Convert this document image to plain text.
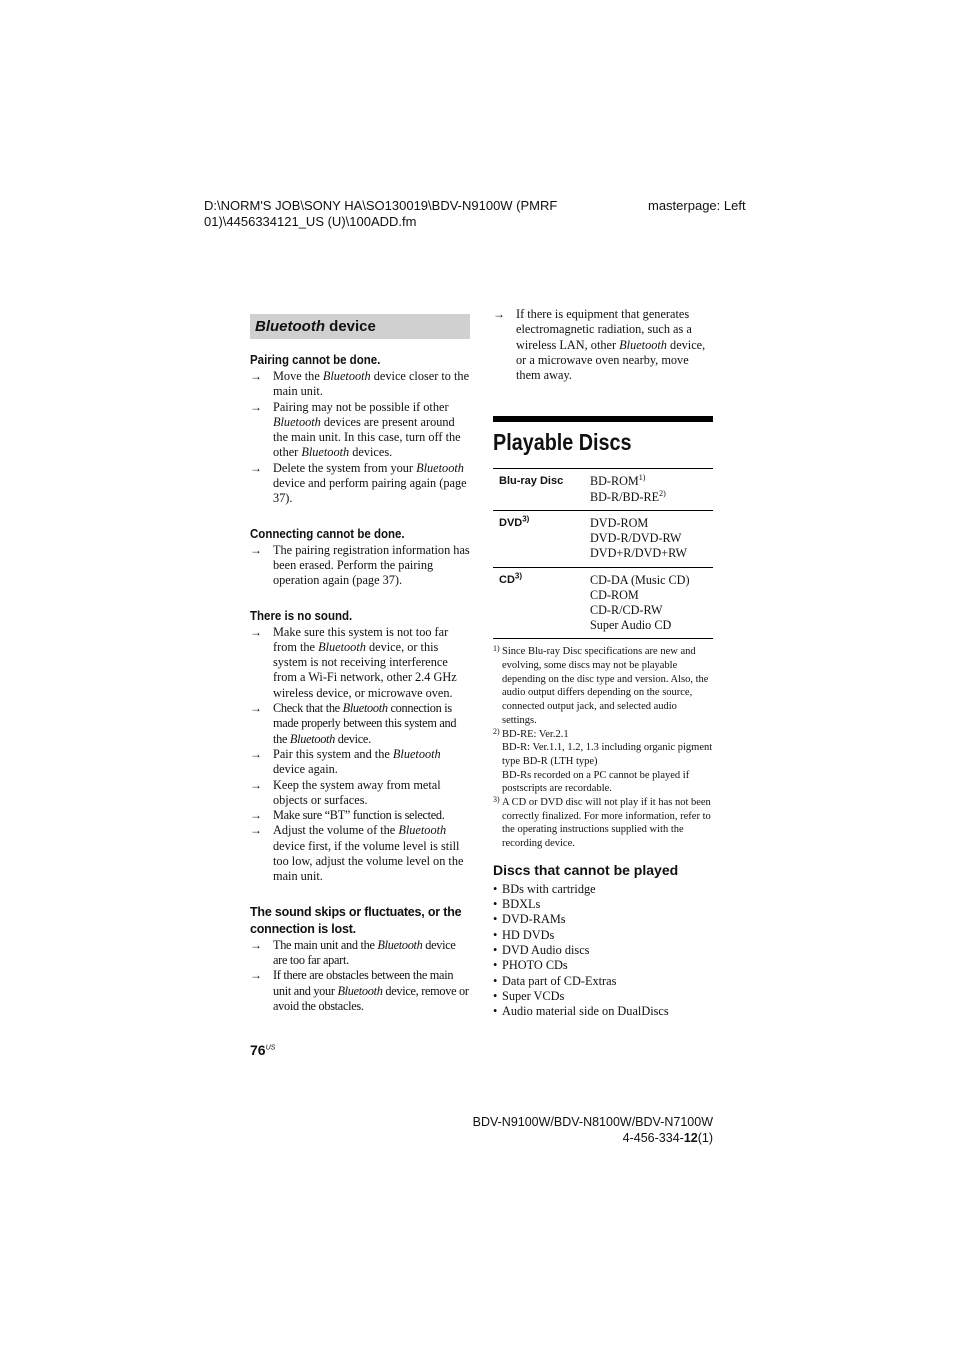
D:\NORM'S JOB\SONY HA\SO130019\BDV-N9100W (PMRF 01)\4456334121_US (U)\100ADD.fm
masterpage: Left
Bluetooth device

Pairing cannot be done.

→ Move the Bluetooth device closer to the main unit.
→ Pairing may not be possible if other Bluetooth devices are present around the main unit. In this case, turn off the other Bluetooth devices.
→ Delete the system from your Bluetooth device and perform pairing again (page 37).

Connecting cannot be done.

→ The pairing registration information has been erased. Perform the pairing operation again (page 37).

There is no sound.

→ Make sure this system is not too far from the Bluetooth device, or this system is not receiving interference from a Wi-Fi network, other 2.4 GHz wireless device, or microwave oven.
→ Check that the Bluetooth connection is made properly between this system and the Bluetooth device.
→ Pair this system and the Bluetooth device again.
→ Keep the system away from metal objects or surfaces.
→ Make sure “BT” function is selected.
→ Adjust the volume of the Bluetooth device first, if the volume level is still too low, adjust the volume level on the main unit.

The sound skips or fluctuates, or the connection is lost.

→ The main unit and the Bluetooth device are too far apart.
→ If there are obstacles between the main unit and your Bluetooth device, remove or avoid the obstacles.
→ If there is equipment that generates electromagnetic radiation, such as a wireless LAN, other Bluetooth device, or a microwave oven nearby, move them away.
Playable Discs
Blu-ray Disc	BD-ROM$^{1)}$
BD-R/BD-RE$^{2)}$

DVD$^{3)}$	DVD-ROM
DVD-R/DVD-RW
DVD+R/DVD+RW

CD$^{3)}$	CD-DA (Music CD)
CD-ROM
CD-R/CD-RW
Super Audio CD
1) Since Blu-ray Disc specifications are new and evolving, some discs may not be playable depending on the disc type and version. Also, the audio output differs depending on the source, connected output jack, and selected audio settings.
2) BD-RE: Ver.2.1
BD-R: Ver.1.1, 1.2, 1.3 including organic pigment type BD-R (LTH type)
BD-Rs recorded on a PC cannot be played if postscripts are recordable.
3) A CD or DVD disc will not play if it has not been correctly finalized. For more information, refer to the operating instructions supplied with the recording device.
Discs that cannot be played
• BDs with cartridge
• BDXLs
• DVD-RAMs
• HD DVDs
• DVD Audio discs
• PHOTO CDs
• Data part of CD-Extras
• Super VCDs
• Audio material side on DualDiscs
$76^{US}$
BDV-N9100W/BDV-N8100W/BDV-N7100W
4-456-334-12(1)
